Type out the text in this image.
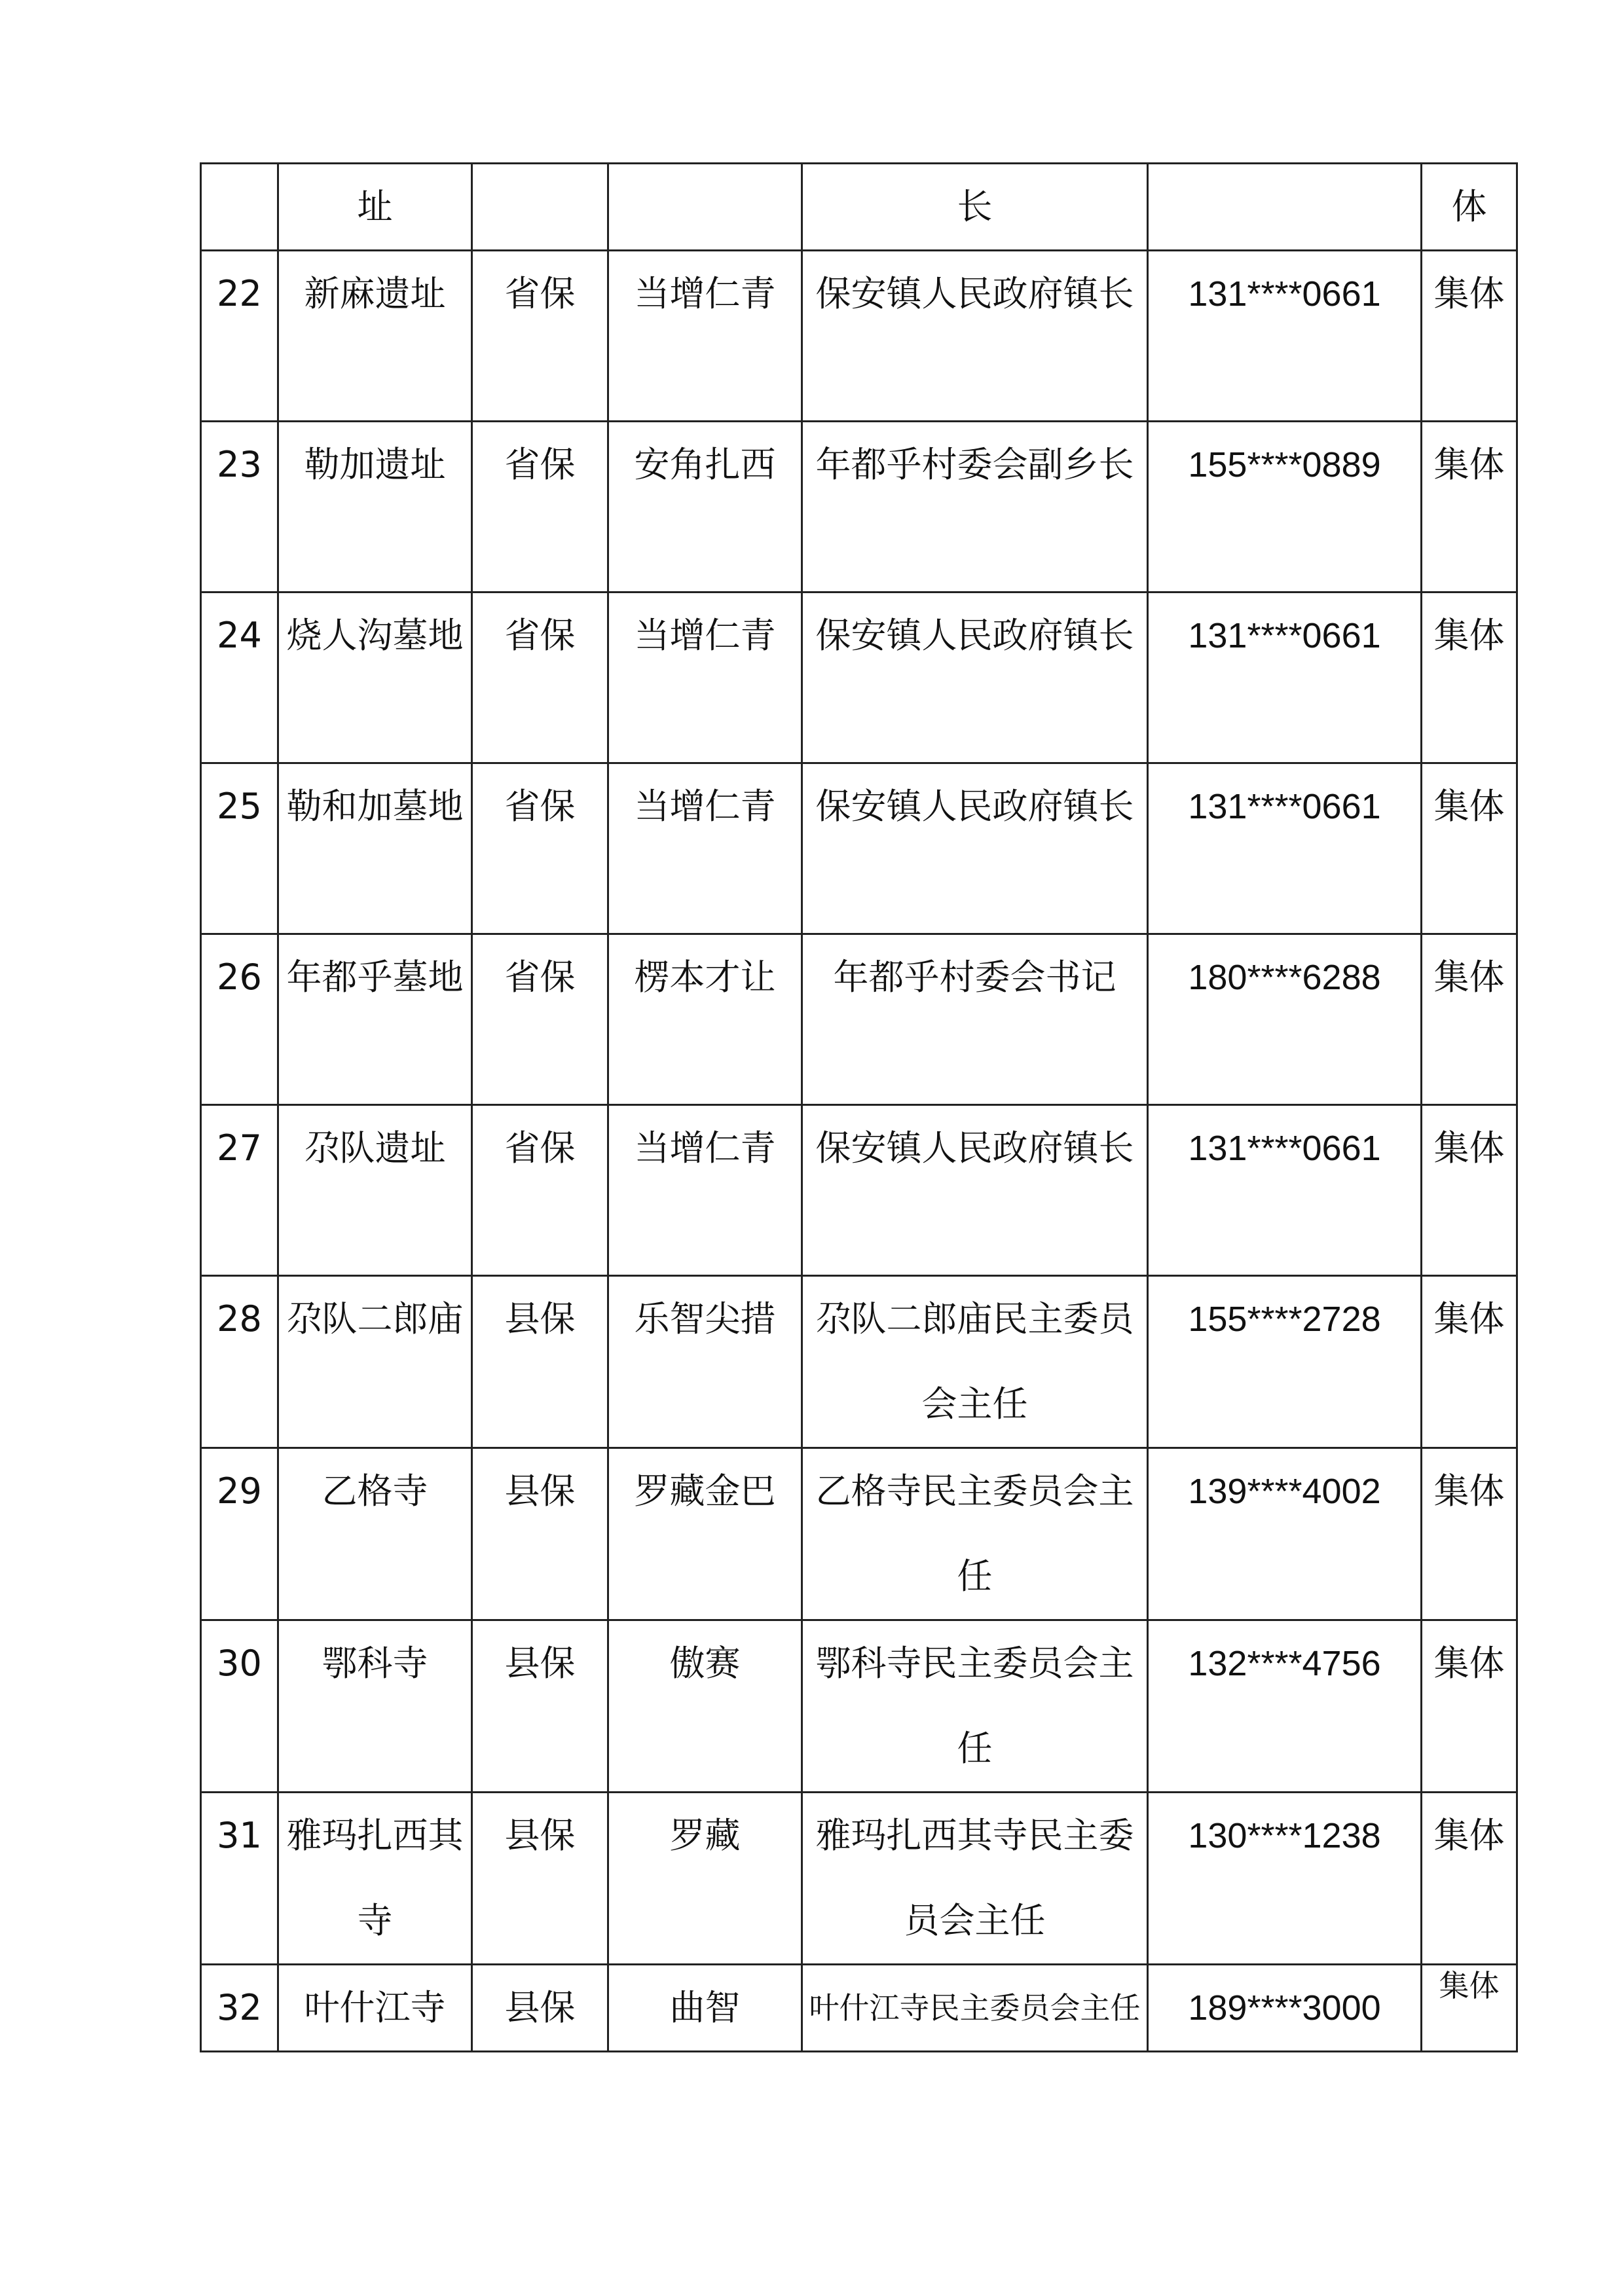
	址			长		体
22	新麻遗址	省保	当增仁青	保安镇人民政府镇长	131****0661	集体
23	勒加遗址	省保	安角扎西	年都乎村委会副乡长	155****0889	集体
24	烧人沟墓地	省保	当增仁青	保安镇人民政府镇长	131****0661	集体
25	勒和加墓地	省保	当增仁青	保安镇人民政府镇长	131****0661	集体
26	年都乎墓地	省保	楞本才让	年都乎村委会书记	180****6288	集体
27	尕队遗址	省保	当增仁青	保安镇人民政府镇长	131****0661	集体
28	尕队二郎庙	县保	乐智尖措	尕队二郎庙民主委员会主任	155****2728	集体
29	乙格寺	县保	罗藏金巴	乙格寺民主委员会主任	139****4002	集体
30	鄂科寺	县保	傲赛	鄂科寺民主委员会主任	132****4756	集体
31	雅玛扎西其寺	县保	罗藏	雅玛扎西其寺民主委员会主任	130****1238	集体
32	叶什江寺	县保	曲智	叶什江寺民主委员会主任	189****3000	集体
